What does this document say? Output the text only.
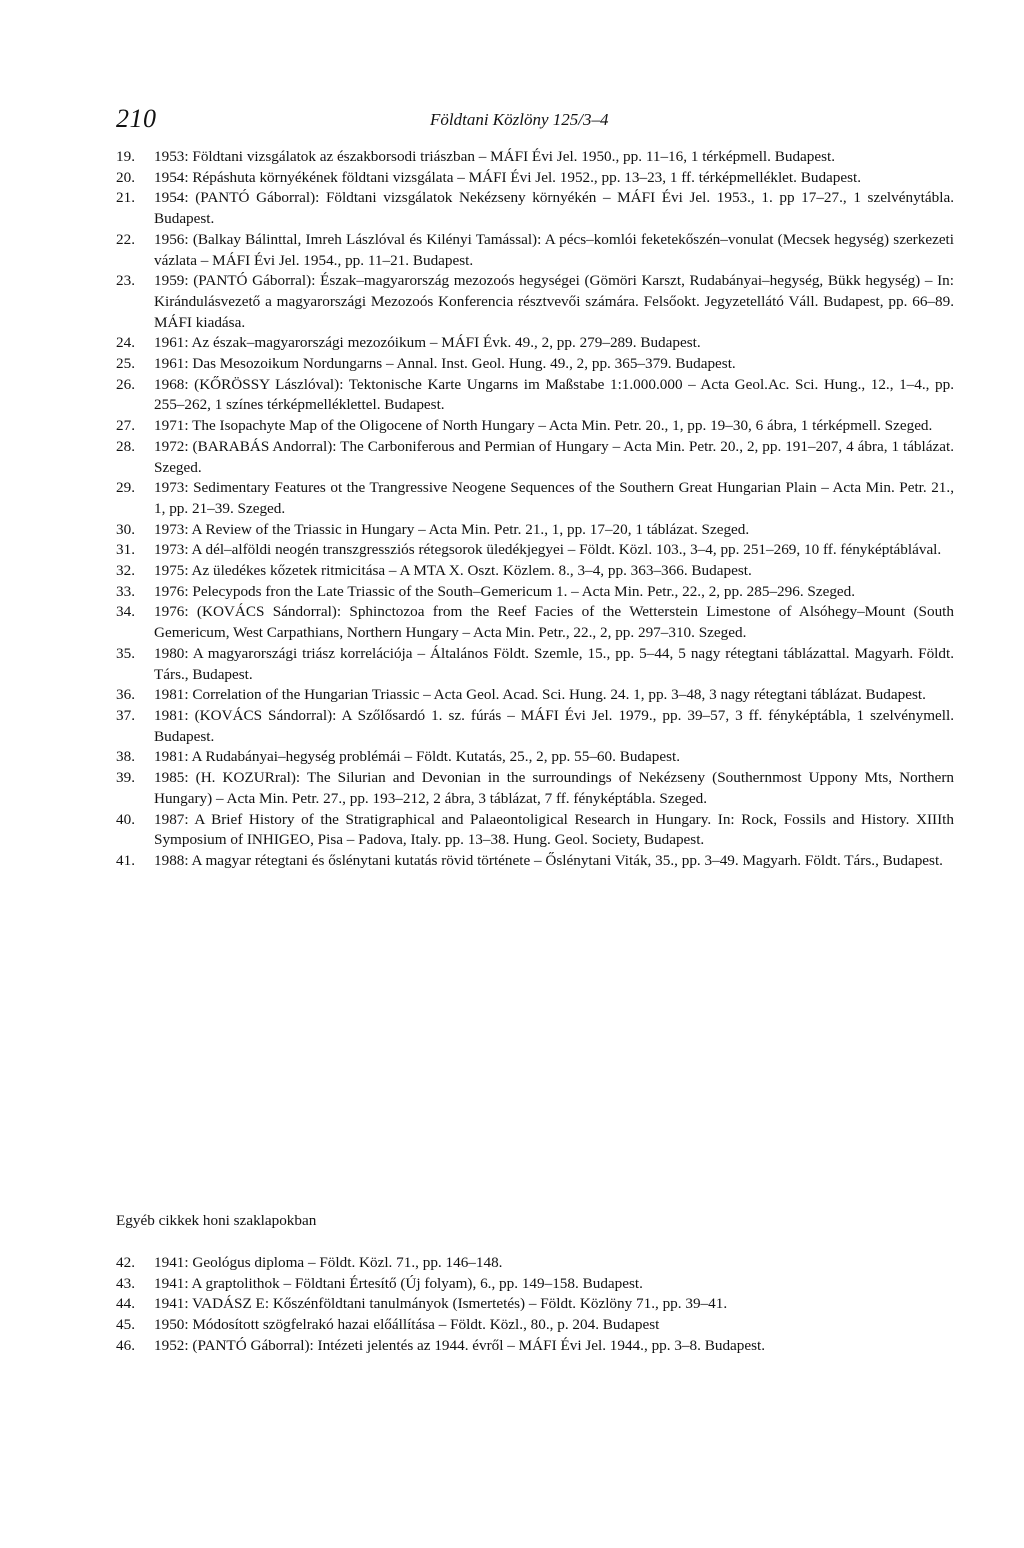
210	Földtani Közlöny 125/3–4
19. 1953: Földtani vizsgálatok az északborsodi triászban – MÁFI Évi Jel. 1950., pp. 11–16, 1 térképmell. Budapest.
20. 1954: Répáshuta környékének földtani vizsgálata – MÁFI Évi Jel. 1952., pp. 13–23, 1 ff. térképmelléklet. Budapest.
21. 1954: (PANTÓ Gáborral): Földtani vizsgálatok Nekézseny környékén – MÁFI Évi Jel. 1953., 1. pp 17–27., 1 szelvénytábla. Budapest.
22. 1956: (Balkay Bálinttal, Imreh Lászlóval és Kilényi Tamással): A pécs–komlói feketekőszén–vonulat (Mecsek hegység) szerkezeti vázlata – MÁFI Évi Jel. 1954., pp. 11–21. Budapest.
23. 1959: (PANTÓ Gáborral): Észak–magyarország mezozoós hegységei (Gömöri Karszt, Rudabányai–hegység, Bükk hegység) – In: Kirándulásvezető a magyarországi Mezozoós Konferencia résztvevői számára. Felsőokt. Jegyzetellátó Váll. Budapest, pp. 66–89. MÁFI kiadása.
24. 1961: Az észak–magyarországi mezozóikum – MÁFI Évk. 49., 2, pp. 279–289. Budapest.
25. 1961: Das Mesozoikum Nordungarns – Annal. Inst. Geol. Hung. 49., 2, pp. 365–379. Budapest.
26. 1968: (KŐRÖSSY Lászlóval): Tektonische Karte Ungarns im Maßstabe 1:1.000.000 – Acta Geol.Ac. Sci. Hung., 12., 1–4., pp. 255–262, 1 színes térképmelléklettel. Budapest.
27. 1971: The Isopachyte Map of the Oligocene of North Hungary – Acta Min. Petr. 20., 1, pp. 19–30, 6 ábra, 1 térképmell. Szeged.
28. 1972: (BARABÁS Andorral): The Carboniferous and Permian of Hungary – Acta Min. Petr. 20., 2, pp. 191–207, 4 ábra, 1 táblázat. Szeged.
29. 1973: Sedimentary Features ot the Trangressive Neogene Sequences of the Southern Great Hungarian Plain – Acta Min. Petr. 21., 1, pp. 21–39. Szeged.
30. 1973: A Review of the Triassic in Hungary – Acta Min. Petr. 21., 1, pp. 17–20, 1 táblázat. Szeged.
31. 1973: A dél–alföldi neogén transzgressziós rétegsorok üledékjegyei – Földt. Közl. 103., 3–4, pp. 251–269, 10 ff. fényképtáblával.
32. 1975: Az üledékes kőzetek ritmicitása – A MTA X. Oszt. Közlem. 8., 3–4, pp. 363–366. Budapest.
33. 1976: Pelecypods fron the Late Triassic of the South–Gemericum 1. – Acta Min. Petr., 22., 2, pp. 285–296. Szeged.
34. 1976: (KOVÁCS Sándorral): Sphinctozoa from the Reef Facies of the Wetterstein Limestone of Alsóhegy–Mount (South Gemericum, West Carpathians, Northern Hungary – Acta Min. Petr., 22., 2, pp. 297–310. Szeged.
35. 1980: A magyarországi triász korrelációja – Általános Földt. Szemle, 15., pp. 5–44, 5 nagy rétegtani táblázattal. Magyarh. Földt. Társ., Budapest.
36. 1981: Correlation of the Hungarian Triassic – Acta Geol. Acad. Sci. Hung. 24. 1, pp. 3–48, 3 nagy rétegtani táblázat. Budapest.
37. 1981: (KOVÁCS Sándorral): A Szőlősardó 1. sz. fúrás – MÁFI Évi Jel. 1979., pp. 39–57, 3 ff. fényképtábla, 1 szelvénymell. Budapest.
38. 1981: A Rudabányai–hegység problémái – Földt. Kutatás, 25., 2, pp. 55–60. Budapest.
39. 1985: (H. KOZURral): The Silurian and Devonian in the surroundings of Nekézseny (Southernmost Uppony Mts, Northern Hungary) – Acta Min. Petr. 27., pp. 193–212, 2 ábra, 3 táblázat, 7 ff. fényképtábla. Szeged.
40. 1987: A Brief History of the Stratigraphical and Palaeontoligical Research in Hungary. In: Rock, Fossils and History. XIIIth Symposium of INHIGEO, Pisa – Padova, Italy. pp. 13–38. Hung. Geol. Society, Budapest.
41. 1988: A magyar rétegtani és őslénytani kutatás rövid története – Őslénytani Viták, 35., pp. 3–49. Magyarh. Földt. Társ., Budapest.
Egyéb cikkek honi szaklapokban
42. 1941: Geológus diploma – Földt. Közl. 71., pp. 146–148.
43. 1941: A graptolithok – Földtani Értesítő (Új folyam), 6., pp. 149–158. Budapest.
44. 1941: VADÁSZ E: Kőszénföldtani tanulmányok (Ismertetés) – Földt. Közlöny 71., pp. 39–41.
45. 1950: Módosított szögfelrakó hazai előállítása – Földt. Közl., 80., p. 204. Budapest
46. 1952: (PANTÓ Gáborral): Intézeti jelentés az 1944. évről – MÁFI Évi Jel. 1944., pp. 3–8. Budapest.
